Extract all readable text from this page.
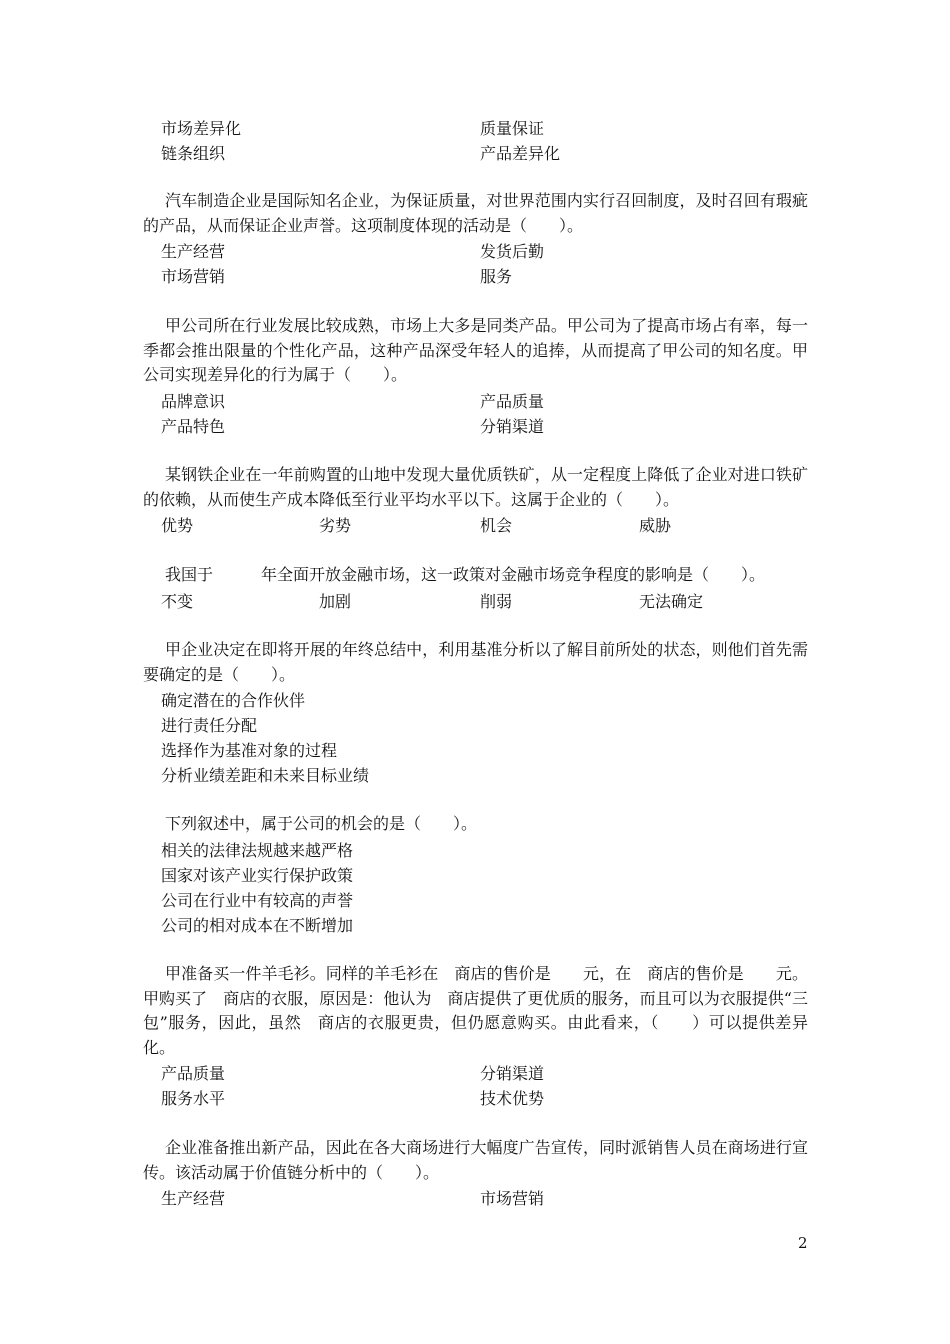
市场差异化	质量保证
链条组织	产品差异化

汽车制造企业是国际知名企业，为保证质量，对世界范围内实行召回制度，及时召回有瑕疵的产品，从而保证企业声誉。这项制度体现的活动是（　　）。

生产经营	发货后勤
市场营销	服务

甲公司所在行业发展比较成熟，市场上大多是同类产品。甲公司为了提高市场占有率，每一季都会推出限量的个性化产品，这种产品深受年轻人的追捧，从而提高了甲公司的知名度。甲公司实现差异化的行为属于（　　）。

品牌意识	产品质量
产品特色	分销渠道

某钢铁企业在一年前购置的山地中发现大量优质铁矿，从一定程度上降低了企业对进口铁矿的依赖，从而使生产成本降低至行业平均水平以下。这属于企业的（　　）。

优势	劣势	机会	威胁

我国于　　　年全面开放金融市场，这一政策对金融市场竞争程度的影响是（　　）。

不变	加剧	削弱	无法确定

甲企业决定在即将开展的年终总结中，利用基准分析以了解目前所处的状态，则他们首先需要确定的是（　　）。

确定潜在的合作伙伴
进行责任分配
选择作为基准对象的过程
分析业绩差距和未来目标业绩

下列叙述中，属于公司的机会的是（　　）。

相关的法律法规越来越严格
国家对该产业实行保护政策
公司在行业中有较高的声誉
公司的相对成本在不断增加

甲准备买一件羊毛衫。同样的羊毛衫在　商店的售价是　　元，在　商店的售价是　　元。甲购买了　商店的衣服，原因是：他认为　商店提供了更优质的服务，而且可以为衣服提供“三包”服务，因此，虽然　商店的衣服更贵，但仍愿意购买。由此看来，（　　）可以提供差异化。

产品质量	分销渠道
服务水平	技术优势

企业准备推出新产品，因此在各大商场进行大幅度广告宣传，同时派销售人员在商场进行宣传。该活动属于价值链分析中的（　　）。

生产经营	市场营销
2
